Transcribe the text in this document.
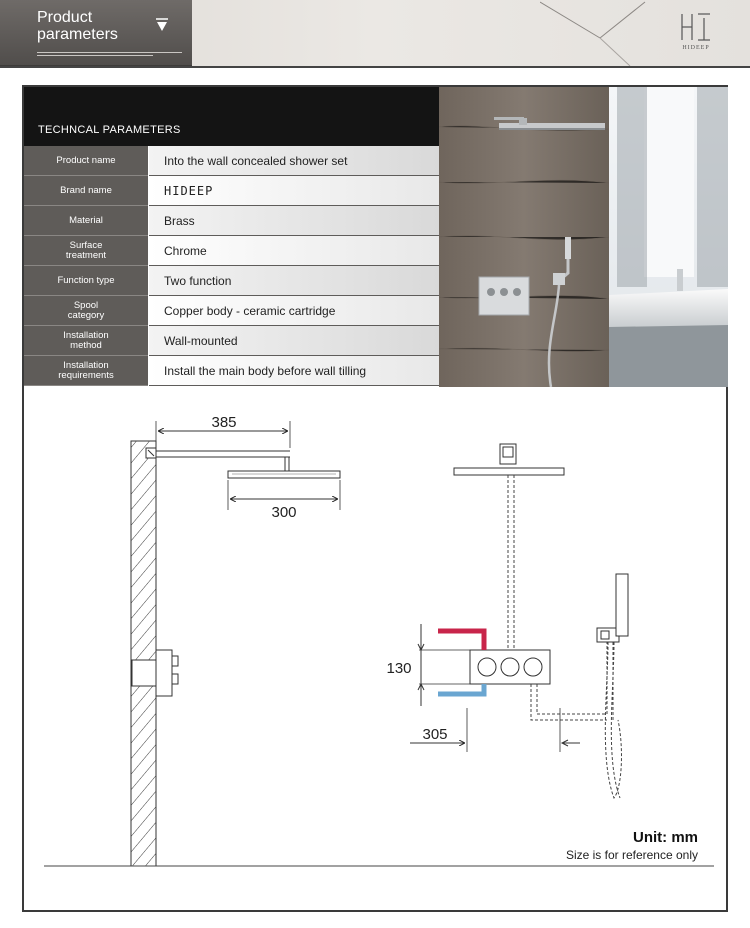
Product parameters
HIDEEP
TECHNCAL PARAMETERS
Product name	Into the wall concealed shower set
Brand name	HIDEEP
Material	Brass
Surface treatment	Chrome
Function type	Two function
Spool category	Copper body - ceramic cartridge
Installation method	Wall-mounted
Installation requirements	Install the main body before wall tilling
385
300
130
305
Unit: mm
Size is for reference only
